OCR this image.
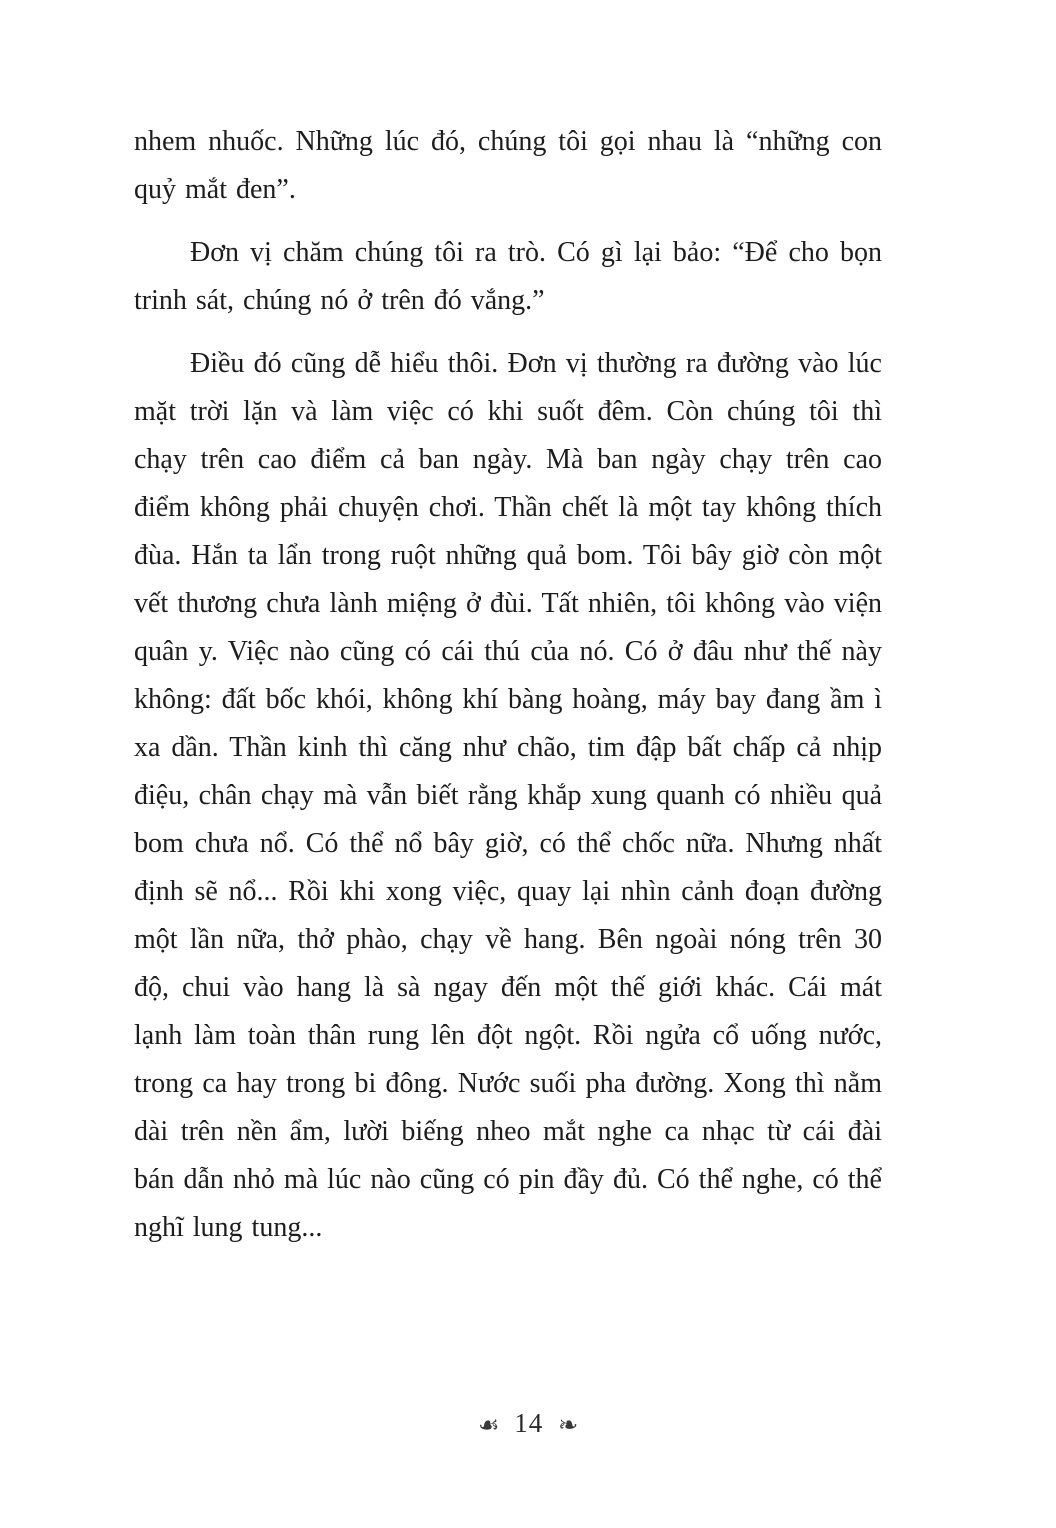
nhem nhuốc. Những lúc đó, chúng tôi gọi nhau là “những con quỷ mắt đen”.

Đơn vị chăm chúng tôi ra trò. Có gì lại bảo: “Để cho bọn trinh sát, chúng nó ở trên đó vắng.”

Điều đó cũng dễ hiểu thôi. Đơn vị thường ra đường vào lúc mặt trời lặn và làm việc có khi suốt đêm. Còn chúng tôi thì chạy trên cao điểm cả ban ngày. Mà ban ngày chạy trên cao điểm không phải chuyện chơi. Thần chết là một tay không thích đùa. Hắn ta lẩn trong ruột những quả bom. Tôi bây giờ còn một vết thương chưa lành miệng ở đùi. Tất nhiên, tôi không vào viện quân y. Việc nào cũng có cái thú của nó. Có ở đâu như thế này không: đất bốc khói, không khí bàng hoàng, máy bay đang ầm ì xa dần. Thần kinh thì căng như chão, tim đập bất chấp cả nhịp điệu, chân chạy mà vẫn biết rằng khắp xung quanh có nhiều quả bom chưa nổ. Có thể nổ bây giờ, có thể chốc nữa. Nhưng nhất định sẽ nổ... Rồi khi xong việc, quay lại nhìn cảnh đoạn đường một lần nữa, thở phào, chạy về hang. Bên ngoài nóng trên 30 độ, chui vào hang là sà ngay đến một thế giới khác. Cái mát lạnh làm toàn thân rung lên đột ngột. Rồi ngửa cổ uống nước, trong ca hay trong bi đông. Nước suối pha đường. Xong thì nằm dài trên nền ẩm, lười biếng nheo mắt nghe ca nhạc từ cái đài bán dẫn nhỏ mà lúc nào cũng có pin đầy đủ. Có thể nghe, có thể nghĩ lung tung...

☙ 14 ❧
